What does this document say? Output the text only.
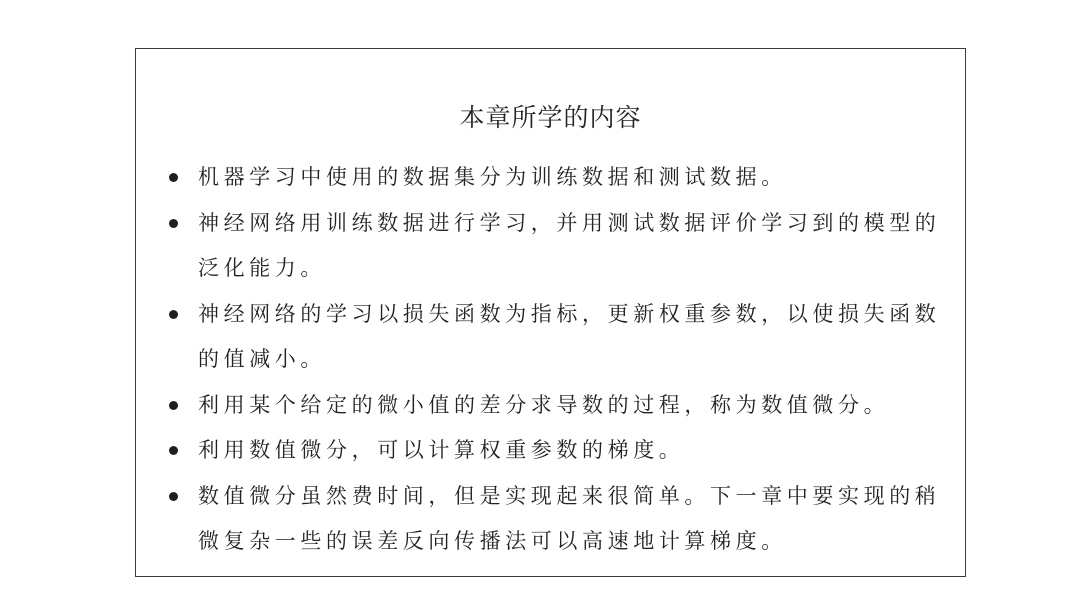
本章所学的内容
机器学习中使用的数据集分为训练数据和测试数据。
神经网络用训练数据进行学习，并用测试数据评价学习到的模型的
泛化能力。
神经网络的学习以损失函数为指标，更新权重参数，以使损失函数
的值减小。
利用某个给定的微小值的差分求导数的过程，称为数值微分。
利用数值微分，可以计算权重参数的梯度。
数值微分虽然费时间，但是实现起来很简单。下一章中要实现的稍
微复杂一些的误差反向传播法可以高速地计算梯度。
